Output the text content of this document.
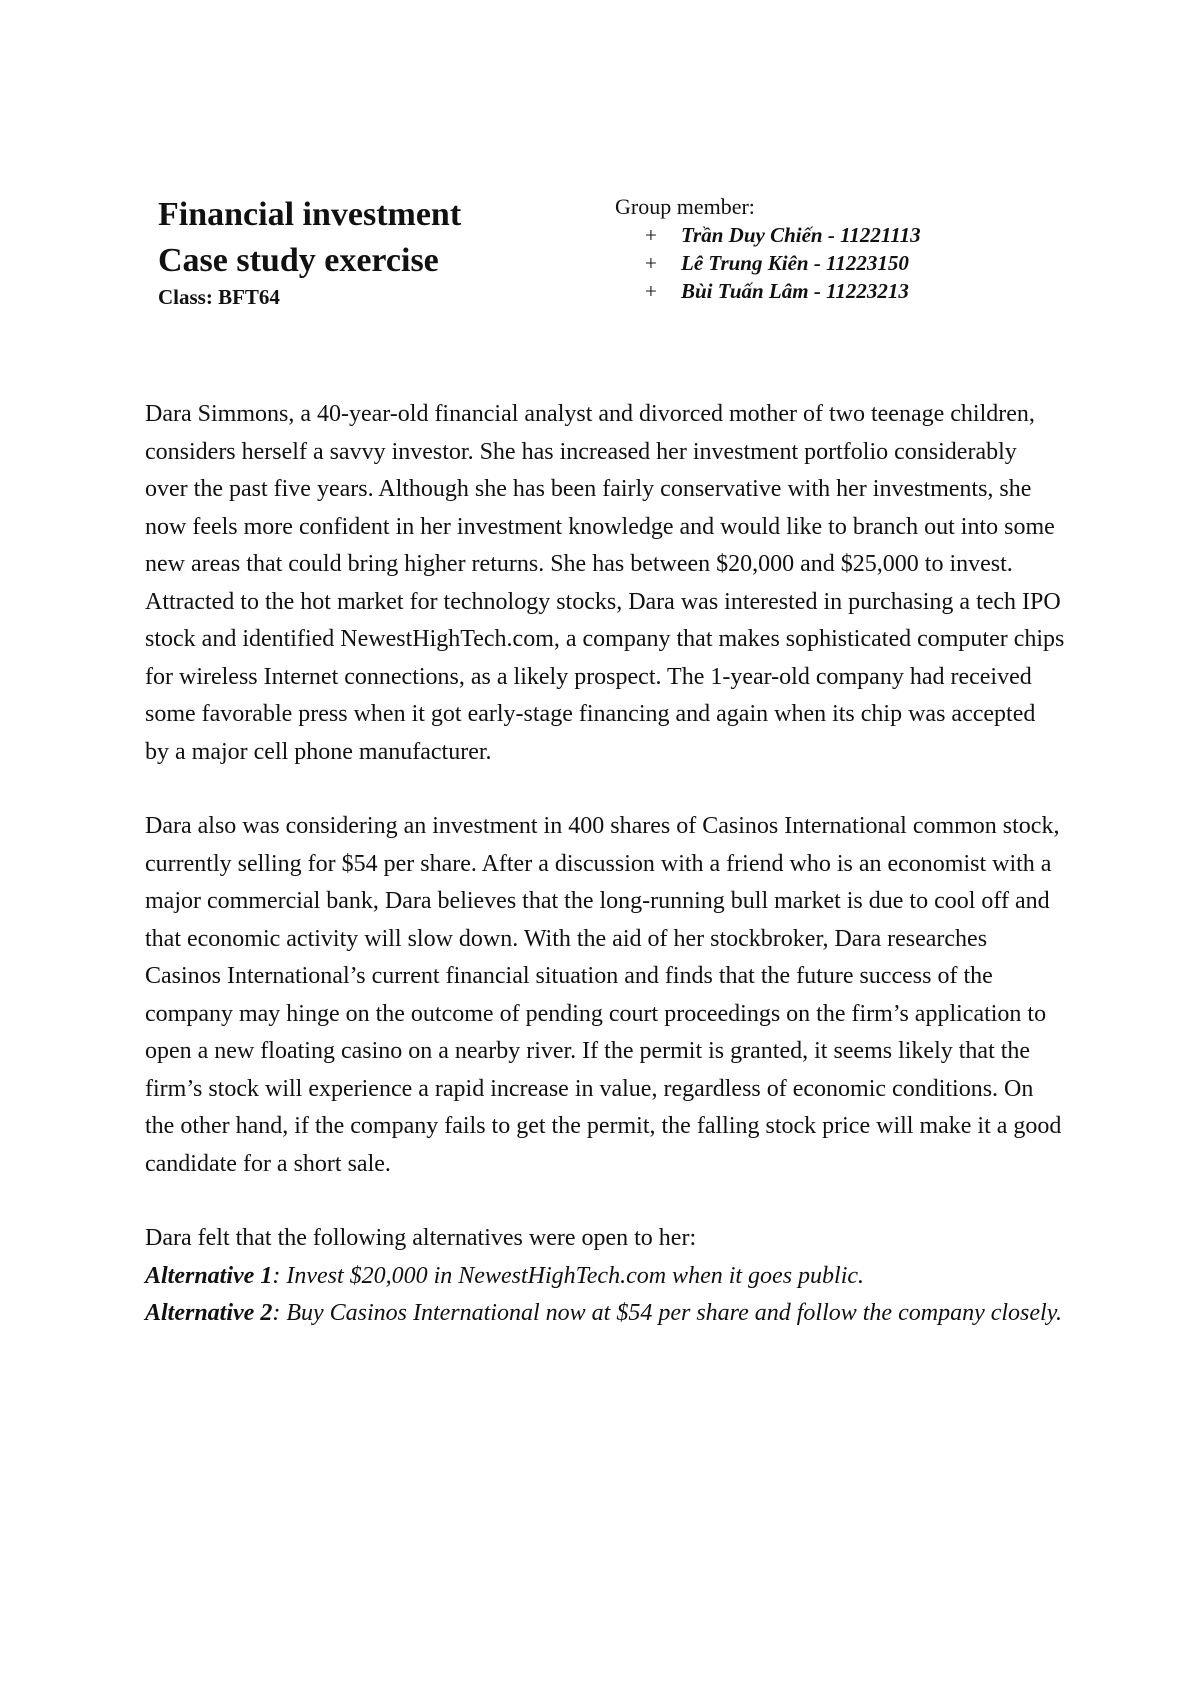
Financial investment
Case study exercise
Class: BFT64
Group member:
+ Trần Duy Chiến - 11221113
+ Lê Trung Kiên - 11223150
+ Bùi Tuấn Lâm - 11223213

Dara Simmons, a 40-year-old financial analyst and divorced mother of two teenage children, considers herself a savvy investor. She has increased her investment portfolio considerably over the past five years. Although she has been fairly conservative with her investments, she now feels more confident in her investment knowledge and would like to branch out into some new areas that could bring higher returns. She has between $20,000 and $25,000 to invest. Attracted to the hot market for technology stocks, Dara was interested in purchasing a tech IPO stock and identified NewestHighTech.com, a company that makes sophisticated computer chips for wireless Internet connections, as a likely prospect. The 1-year-old company had received some favorable press when it got early-stage financing and again when its chip was accepted by a major cell phone manufacturer.

Dara also was considering an investment in 400 shares of Casinos International common stock, currently selling for $54 per share. After a discussion with a friend who is an economist with a major commercial bank, Dara believes that the long-running bull market is due to cool off and that economic activity will slow down. With the aid of her stockbroker, Dara researches Casinos International’s current financial situation and finds that the future success of the company may hinge on the outcome of pending court proceedings on the firm’s application to open a new floating casino on a nearby river. If the permit is granted, it seems likely that the firm’s stock will experience a rapid increase in value, regardless of economic conditions. On the other hand, if the company fails to get the permit, the falling stock price will make it a good candidate for a short sale.

Dara felt that the following alternatives were open to her:

Alternative 1: Invest $20,000 in NewestHighTech.com when it goes public.

Alternative 2: Buy Casinos International now at $54 per share and follow the company closely.
